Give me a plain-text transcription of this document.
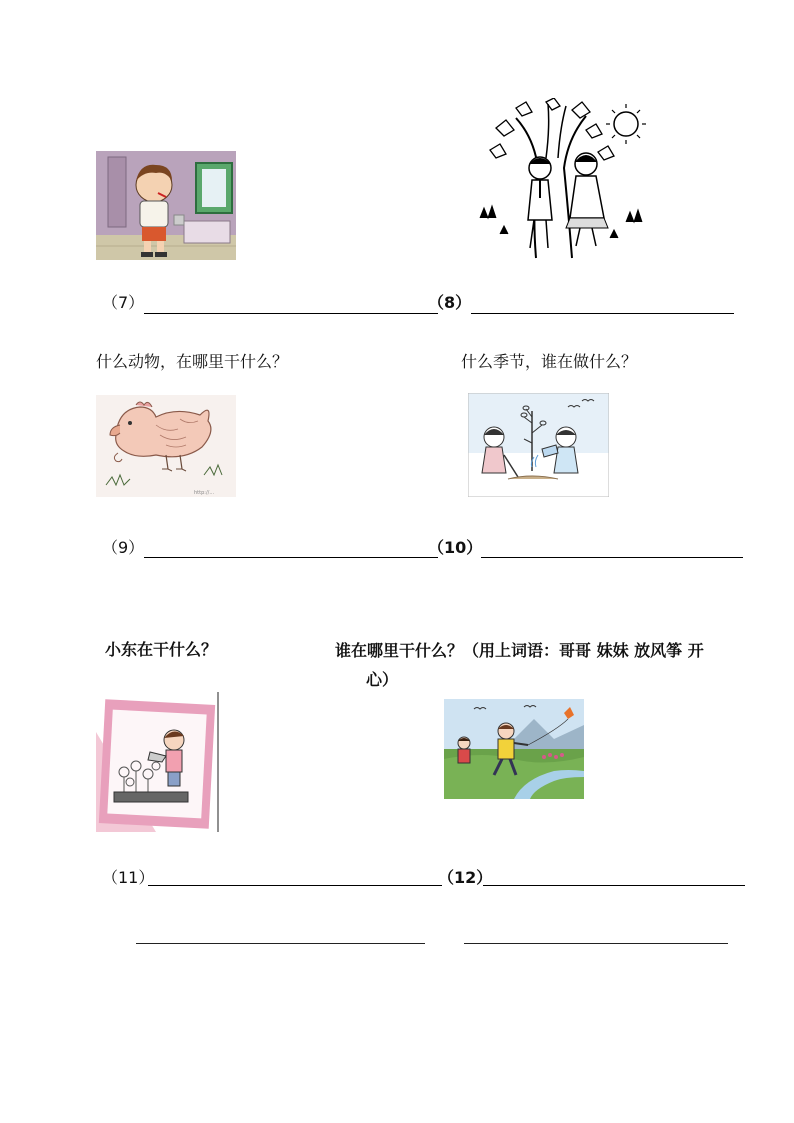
（7）	（8）
什么动物，在哪里干什么？	什么季节，谁在做什么？
http://...
（9）	（10）
小东在干什么？	谁在哪里干什么？（用上词语：哥哥 妹妹 放风筝 开
心）
（11）	（12）
